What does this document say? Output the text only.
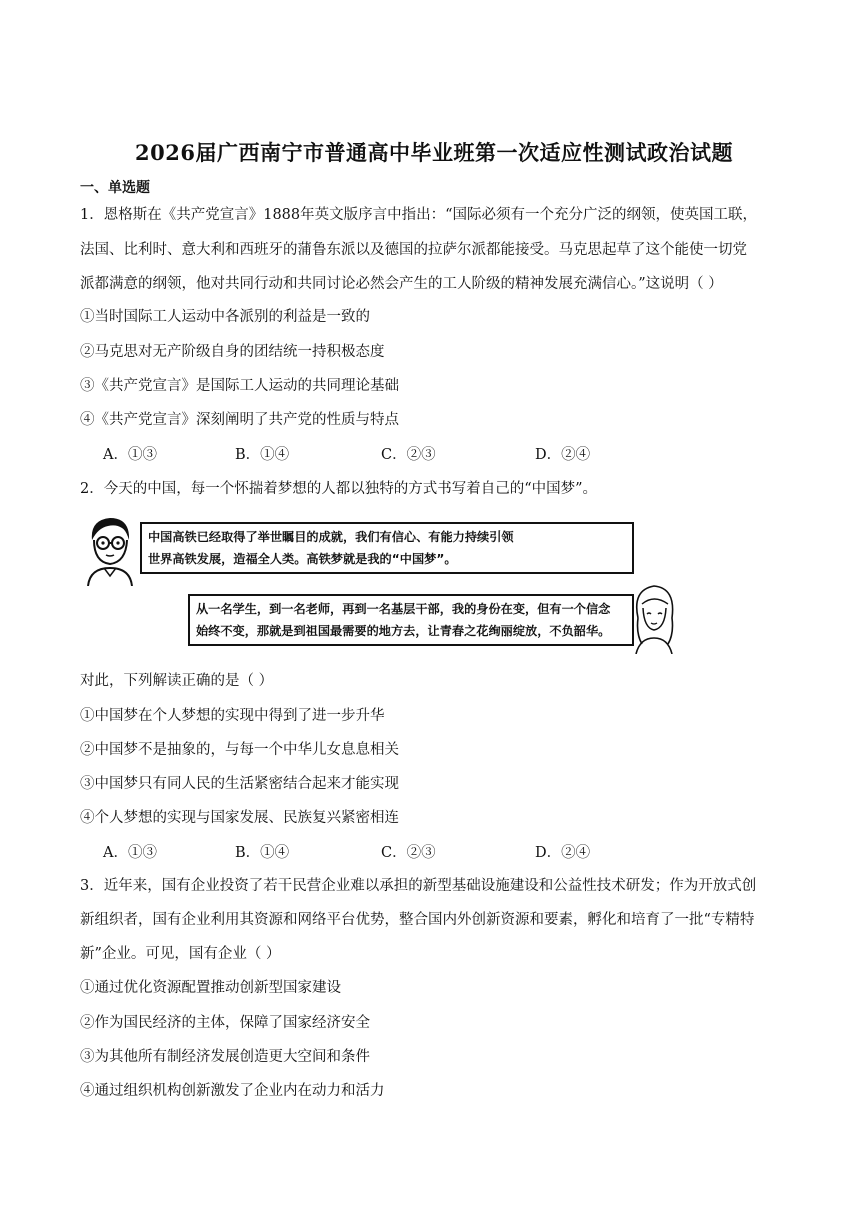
2026届广西南宁市普通高中毕业班第一次适应性测试政治试题
一、单选题
1．恩格斯在《共产党宣言》1888年英文版序言中指出：“国际必须有一个充分广泛的纲领，使英国工联，
法国、比利时、意大利和西班牙的蒲鲁东派以及德国的拉萨尔派都能接受。马克思起草了这个能使一切党
派都满意的纲领，他对共同行动和共同讨论必然会产生的工人阶级的精神发展充满信心。”这说明（ ）
①当时国际工人运动中各派别的利益是一致的
②马克思对无产阶级自身的团结统一持积极态度
③《共产党宣言》是国际工人运动的共同理论基础
④《共产党宣言》深刻阐明了共产党的性质与特点
A．①③	B．①④	C．②③	D．②④
2．今天的中国，每一个怀揣着梦想的人都以独特的方式书写着自己的“中国梦”。
中国高铁已经取得了举世瞩目的成就，我们有信心、有能力持续引领
世界高铁发展，造福全人类。高铁梦就是我的“中国梦”。
从一名学生，到一名老师，再到一名基层干部，我的身份在变，但有一个信念
始终不变，那就是到祖国最需要的地方去，让青春之花绚丽绽放，不负韶华。
对此，下列解读正确的是（ ）
①中国梦在个人梦想的实现中得到了进一步升华
②中国梦不是抽象的，与每一个中华儿女息息相关
③中国梦只有同人民的生活紧密结合起来才能实现
④个人梦想的实现与国家发展、民族复兴紧密相连
A．①③	B．①④	C．②③	D．②④
3．近年来，国有企业投资了若干民营企业难以承担的新型基础设施建设和公益性技术研发；作为开放式创
新组织者，国有企业利用其资源和网络平台优势，整合国内外创新资源和要素，孵化和培育了一批“专精特
新”企业。可见，国有企业（ ）
①通过优化资源配置推动创新型国家建设
②作为国民经济的主体，保障了国家经济安全
③为其他所有制经济发展创造更大空间和条件
④通过组织机构创新激发了企业内在动力和活力
